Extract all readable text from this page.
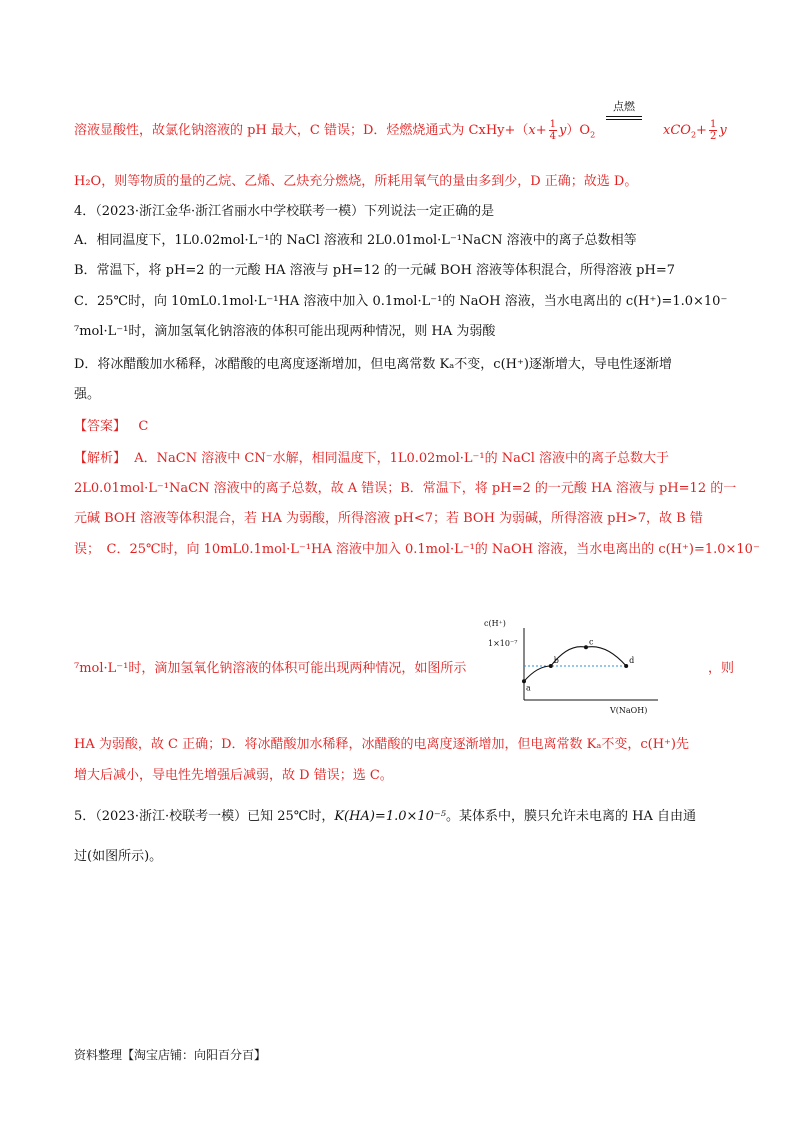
溶液显酸性，故氯化钠溶液的 pH 最大，C 错误；D．烃燃烧通式为 CxHy+（x+ $\frac{1}{4} y)O_2$
点燃
$xCO_2+ \frac{1}{2}$ y
H₂O，则等物质的量的乙烷、乙烯、乙炔充分燃烧，所耗用氧气的量由多到少，D 正确；故选 D。
4．（2023·浙江金华·浙江省丽水中学校联考一模）下列说法一定正确的是
A．相同温度下，1L0.02mol·L⁻¹的 NaCl 溶液和 2L0.01mol·L⁻¹NaCN 溶液中的离子总数相等
B．常温下，将 pH=2 的一元酸 HA 溶液与 pH=12 的一元碱 BOH 溶液等体积混合，所得溶液 pH=7
C．25℃时，向 10mL0.1mol·L⁻¹HA 溶液中加入 0.1mol·L⁻¹的 NaOH 溶液，当水电离出的 c(H⁺)=1.0×10⁻
⁷mol·L⁻¹时，滴加氢氧化钠溶液的体积可能出现两种情况，则 HA 为弱酸
D．将冰醋酸加水稀释，冰醋酸的电离度逐渐增加，但电离常数 Kₐ不变，c(H⁺)逐渐增大，导电性逐渐增
强。
【答案】 C
【解析】 A．NaCN 溶液中 CN⁻水解，相同温度下，1L0.02mol·L⁻¹的 NaCl 溶液中的离子总数大于
2L0.01mol·L⁻¹NaCN 溶液中的离子总数，故 A 错误；B．常温下，将 pH=2 的一元酸 HA 溶液与 pH=12 的一
元碱 BOH 溶液等体积混合，若 HA 为弱酸，所得溶液 pH<7；若 BOH 为弱碱，所得溶液 pH>7，故 B 错
误；　C．25℃时，向 10mL0.1mol·L⁻¹HA 溶液中加入 0.1mol·L⁻¹的 NaOH 溶液，当水电离出的 c(H⁺)=1.0×10⁻
⁷mol·L⁻¹时，滴加氢氧化钠溶液的体积可能出现两种情况，如图所示	，则
HA 为弱酸，故 C 正确；D．将冰醋酸加水稀释，冰醋酸的电离度逐渐增加，但电离常数 Kₐ不变，c(H⁺)先
增大后减小，导电性先增强后减弱，故 D 错误；选 C。
c(H⁺)
1×10⁻⁷
a
b
c
d
V(NaOH)
5．（2023·浙江·校联考一模）已知 25℃时，K(HA)=1.0×10⁻⁵。某体系中，膜只允许未电离的 HA 自由通
过(如图所示)。
资料整理【淘宝店铺：向阳百分百】
